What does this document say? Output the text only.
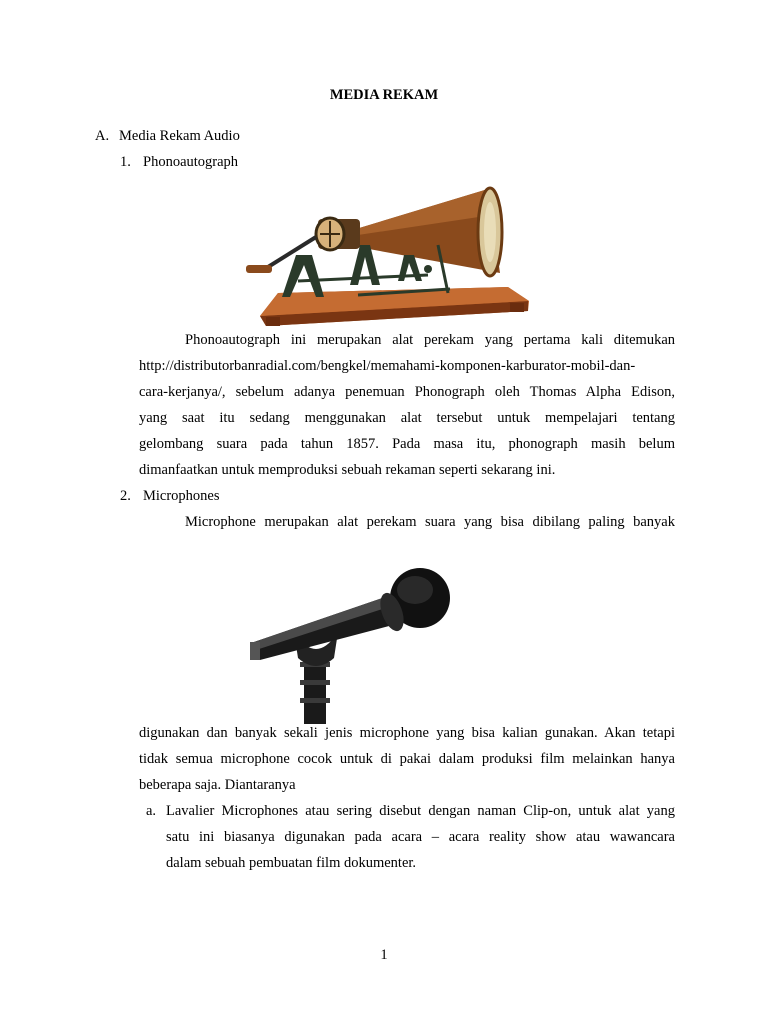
MEDIA REKAM
A. Media Rekam Audio
1. Phonoautograph
Phonoautograph ini merupakan alat perekam yang pertama kali ditemukan
http://distributorbanradial.com/bengkel/memahami-komponen-karburator-mobil-dan-
cara-kerjanya/, sebelum adanya penemuan Phonograph oleh Thomas Alpha Edison,
yang saat itu sedang menggunakan alat tersebut untuk mempelajari tentang
gelombang suara pada tahun 1857. Pada masa itu, phonograph masih belum
dimanfaatkan untuk memproduksi sebuah rekaman seperti sekarang ini.
2. Microphones
Microphone merupakan alat perekam suara yang bisa dibilang paling banyak
digunakan dan banyak sekali jenis microphone yang bisa kalian gunakan. Akan tetapi
tidak semua microphone cocok untuk di pakai dalam produksi film melainkan hanya
beberapa saja. Diantaranya
a. Lavalier Microphones atau sering disebut dengan naman Clip-on, untuk alat yang
satu ini biasanya digunakan pada acara – acara reality show atau wawancara
dalam sebuah pembuatan film dokumenter.
1
